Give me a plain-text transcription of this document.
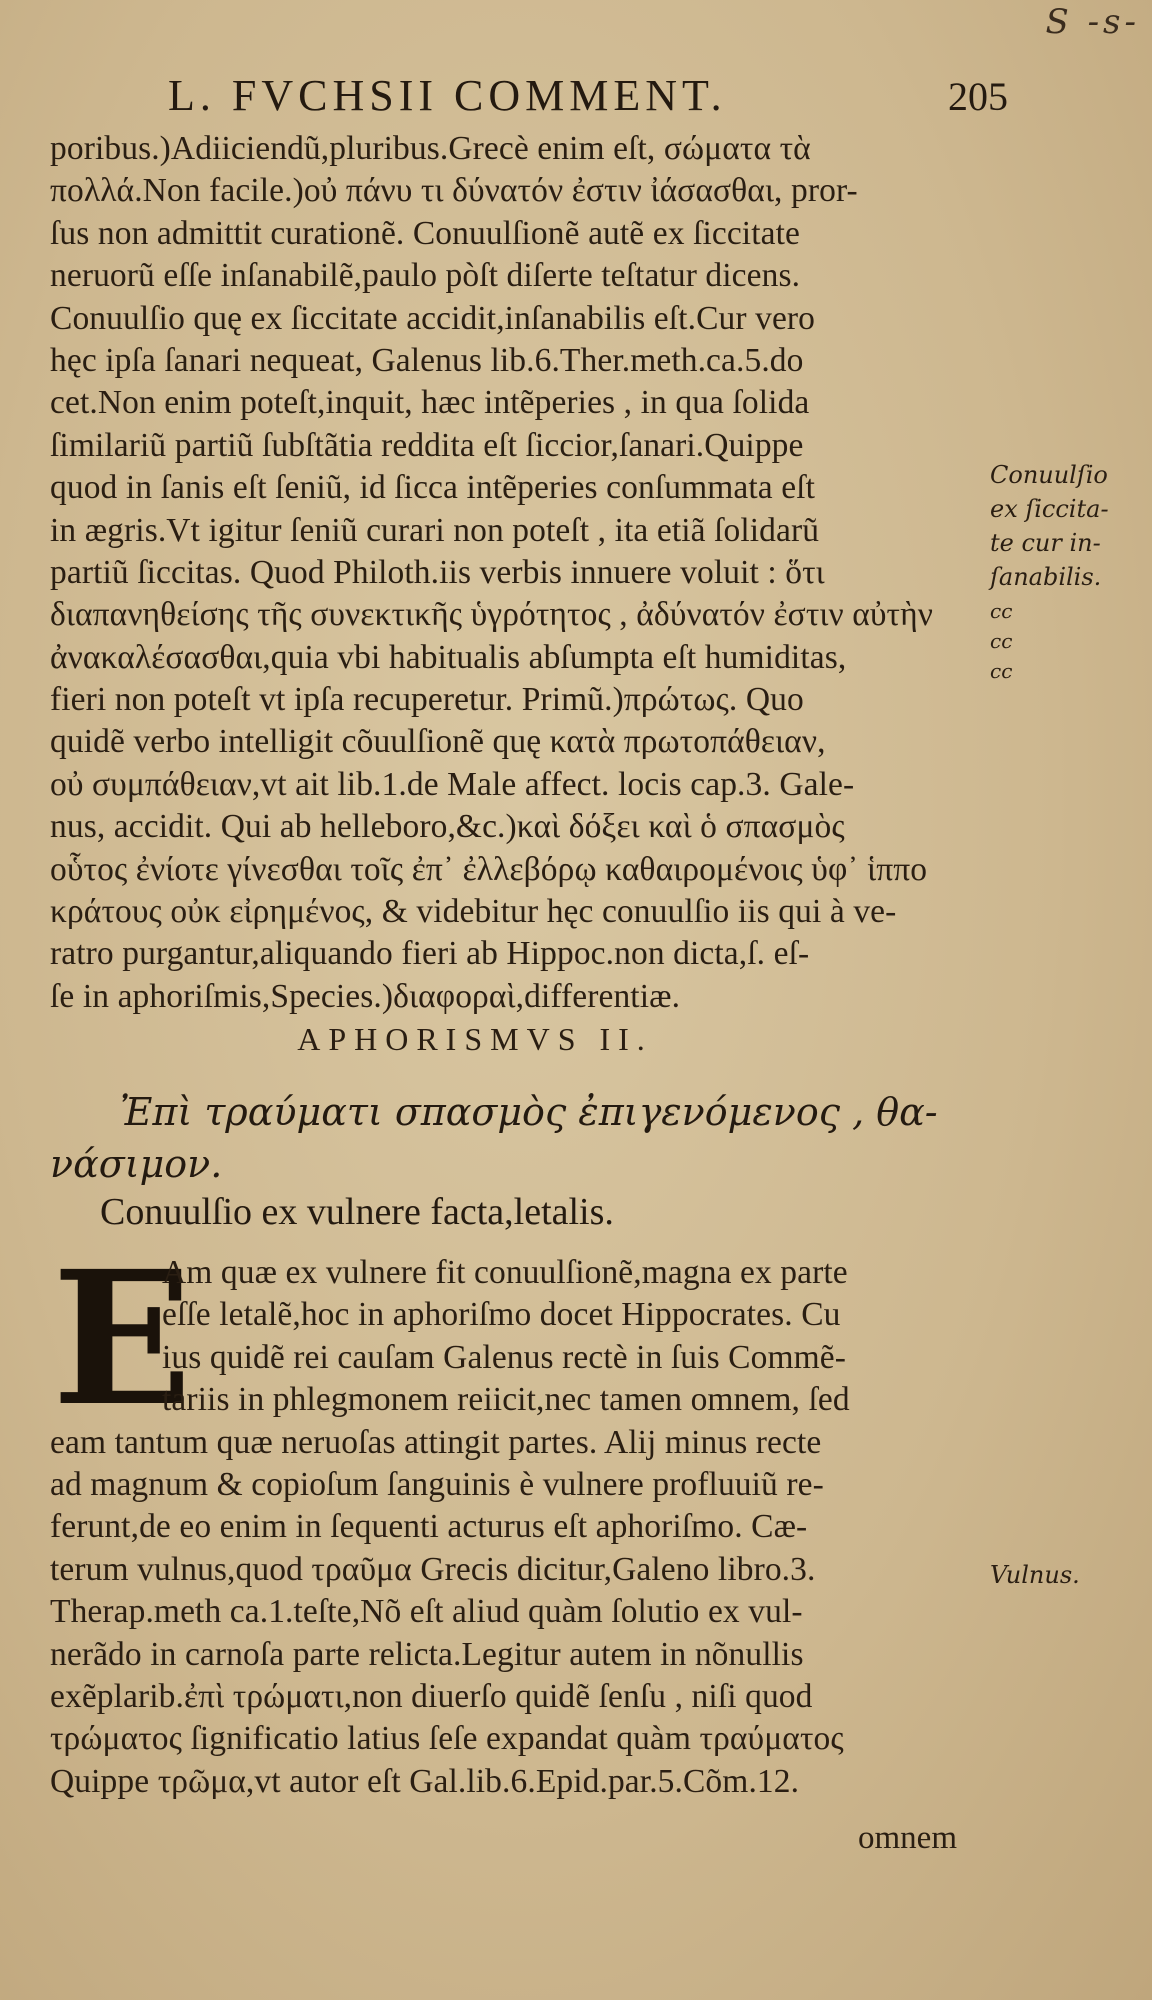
S -s-
L. FVCHSII COMMENT.	205
poribus.)Adiiciendũ,pluribus.Grecè enim eſt, σώματα τὰ
πολλά.Non facile.)οὐ πάνυ τι δύνατόν ἐστιν ἰάσασθαι, pror-
ſus non admittit curationẽ. Conuulſionẽ autẽ ex ſiccitate
neruorũ eſſe inſanabilẽ,paulo pòſt diſerte teſtatur dicens.
Conuulſio quę ex ſiccitate accidit,inſanabilis eſt.Cur vero
hęc ipſa ſanari nequeat, Galenus lib.6.Ther.meth.ca.5.do
cet.Non enim poteſt,inquit, hæc intẽperies , in qua ſolida
ſimilariũ partiũ ſubſtãtia reddita eſt ſiccior,ſanari.Quippe
quod in ſanis eſt ſeniũ, id ſicca intẽperies conſummata eſt
in ægris.Vt igitur ſeniũ curari non poteſt , ita etiã ſolidarũ
partiũ ſiccitas. Quod Philoth.iis verbis innuere voluit : ὅτι
διαπανηθείσης τῆς συνεκτικῆς ὑγρότητος , ἀδύνατόν ἐστιν αὐτὴν
ἀνακαλέσασθαι,quia vbi habitualis abſumpta eſt humiditas,
fieri non poteſt vt ipſa recuperetur. Primũ.)πρώτως. Quo
quidẽ verbo intelligit cõuulſionẽ quę κατὰ πρωτοπάθειαν,
οὐ συμπάθειαν,vt ait lib.1.de Male affect. locis cap.3. Gale-
nus, accidit. Qui ab helleboro,&c.)καὶ δόξει καὶ ὁ σπασμὸς
οὗτος ἐνίοτε γίνεσθαι τοῖς ἐπ᾽ ἐλλεβόρῳ καθαιρομένοις ὑφ᾽ ἱππο
κράτους οὐκ εἰρημένος, & videbitur hęc conuulſio iis qui à ve-
ratro purgantur,aliquando fieri ab Hippoc.non dicta,ſ. eſ-
ſe in aphoriſmis,Species.)διαφοραὶ,differentiæ.
APHORISMVS II.
Ἐπὶ τραύματι σπασμὸς ἐπιγενόμενος , θα-
νάσιμον.
Conuulſio ex vulnere facta,letalis.
E
Am quæ ex vulnere fit conuulſionẽ,magna ex parte
eſſe letalẽ,hoc in aphoriſmo docet Hippocrates. Cu
ius quidẽ rei cauſam Galenus rectè in ſuis Commẽ-
tariis in phlegmonem reiicit,nec tamen omnem, ſed
eam tantum quæ neruoſas attingit partes. Alij minus recte
ad magnum & copioſum ſanguinis è vulnere profluuiũ re-
ferunt,de eo enim in ſequenti acturus eſt aphoriſmo. Cæ-
terum vulnus,quod τραῦμα Grecis dicitur,Galeno libro.3.
Therap.meth ca.1.teſte,Nõ eſt aliud quàm ſolutio ex vul-
nerãdo in carnoſa parte relicta.Legitur autem in nõnullis
exẽplarib.ἐπὶ τρώματι,non diuerſo quidẽ ſenſu , niſi quod
τρώματος ſignificatio latius ſeſe expandat quàm τραύματος
Quippe τρῶμα,vt autor eſt Gal.lib.6.Epid.par.5.Cõm.12.
omnem
Conuulſio
ex ſiccita-
te cur in-
ſanabilis.
cc
cc
cc
Vulnus.
